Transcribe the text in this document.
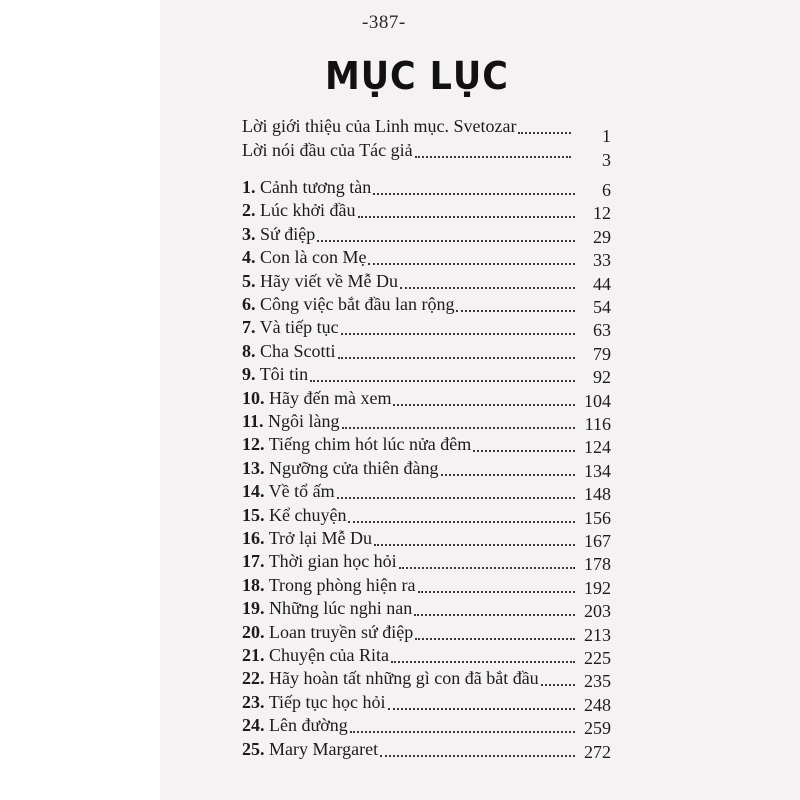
-387-
MỤC LỤC
Lời giới thiệu của Linh mục. Svetozar	1
Lời nói đầu của Tác giả	3
1. Cảnh tương tàn	6
2. Lúc khởi đầu	12
3. Sứ điệp	29
4. Con là con Mẹ	33
5. Hãy viết về Mễ Du	44
6. Công việc bắt đầu lan rộng	54
7. Và tiếp tục	63
8. Cha Scotti	79
9. Tôi tin	92
10. Hãy đến mà xem	104
11. Ngôi làng	116
12. Tiếng chim hót lúc nửa đêm	124
13. Ngưỡng cửa thiên đàng	134
14. Về tổ ấm	148
15. Kể chuyện	156
16. Trở lại Mễ Du	167
17. Thời gian học hỏi	178
18. Trong phòng hiện ra	192
19. Những lúc nghi nan	203
20. Loan truyền sứ điệp	213
21. Chuyện của Rita	225
22. Hãy hoàn tất những gì con đã bắt đầu	235
23. Tiếp tục học hỏi	248
24. Lên đường	259
25. Mary Margaret	272
